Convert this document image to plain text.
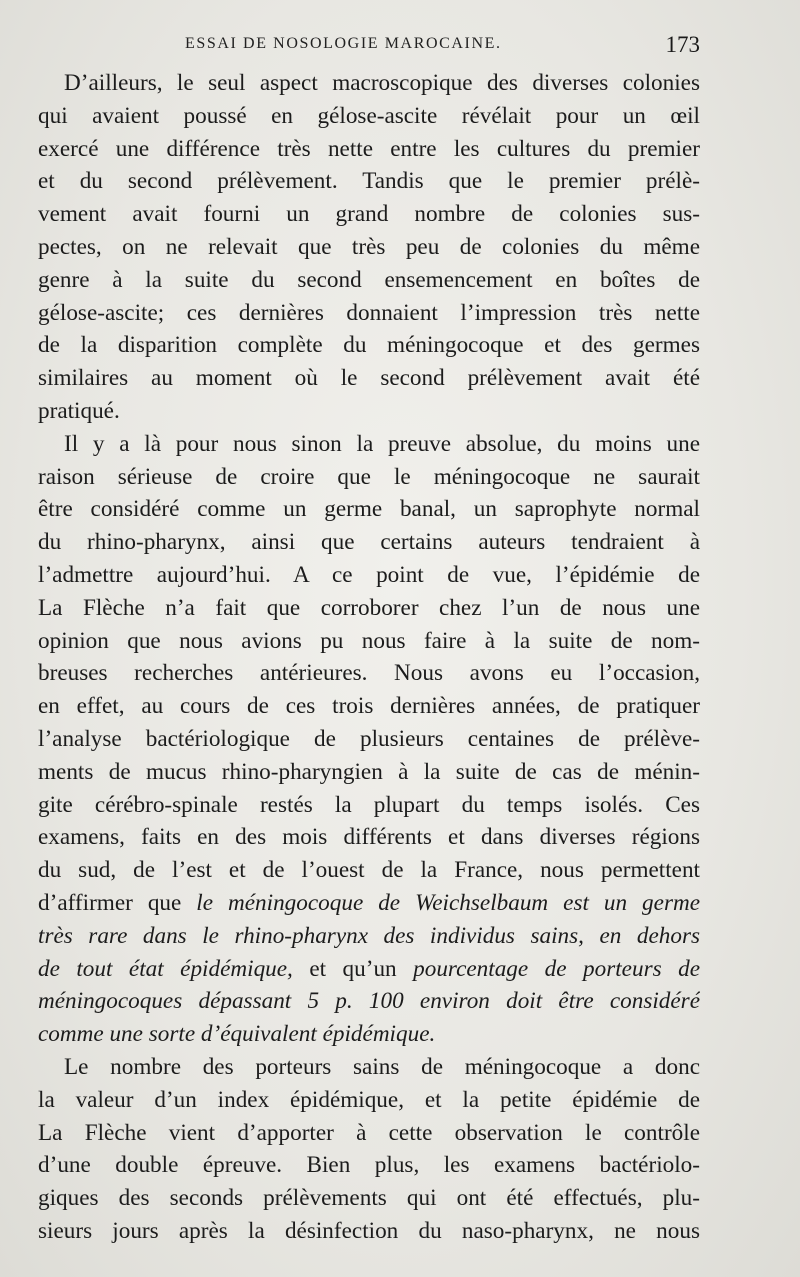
ESSAI DE NOSOLOGIE MAROCAINE.	173
D’ailleurs, le seul aspect macroscopique des diverses colonies
qui avaient poussé en gélose-ascite révélait pour un œil
exercé une différence très nette entre les cultures du premier
et du second prélèvement. Tandis que le premier prélè-
vement avait fourni un grand nombre de colonies sus-
pectes, on ne relevait que très peu de colonies du même
genre à la suite du second ensemencement en boîtes de
gélose-ascite; ces dernières donnaient l’impression très nette
de la disparition complète du méningocoque et des germes
similaires au moment où le second prélèvement avait été
pratiqué.
Il y a là pour nous sinon la preuve absolue, du moins une
raison sérieuse de croire que le méningocoque ne saurait
être considéré comme un germe banal, un saprophyte normal
du rhino-pharynx, ainsi que certains auteurs tendraient à
l’admettre aujourd’hui. A ce point de vue, l’épidémie de
La Flèche n’a fait que corroborer chez l’un de nous une
opinion que nous avions pu nous faire à la suite de nom-
breuses recherches antérieures. Nous avons eu l’occasion,
en effet, au cours de ces trois dernières années, de pratiquer
l’analyse bactériologique de plusieurs centaines de prélève-
ments de mucus rhino-pharyngien à la suite de cas de ménin-
gite cérébro-spinale restés la plupart du temps isolés. Ces
examens, faits en des mois différents et dans diverses régions
du sud, de l’est et de l’ouest de la France, nous permettent
d’affirmer que le méningocoque de Weichselbaum est un germe
très rare dans le rhino-pharynx des individus sains, en dehors
de tout état épidémique, et qu’un pourcentage de porteurs de
méningocoques dépassant 5 p. 100 environ doit être considéré
comme une sorte d’équivalent épidémique.
Le nombre des porteurs sains de méningocoque a donc
la valeur d’un index épidémique, et la petite épidémie de
La Flèche vient d’apporter à cette observation le contrôle
d’une double épreuve. Bien plus, les examens bactériolo-
giques des seconds prélèvements qui ont été effectués, plu-
sieurs jours après la désinfection du naso-pharynx, ne nous
